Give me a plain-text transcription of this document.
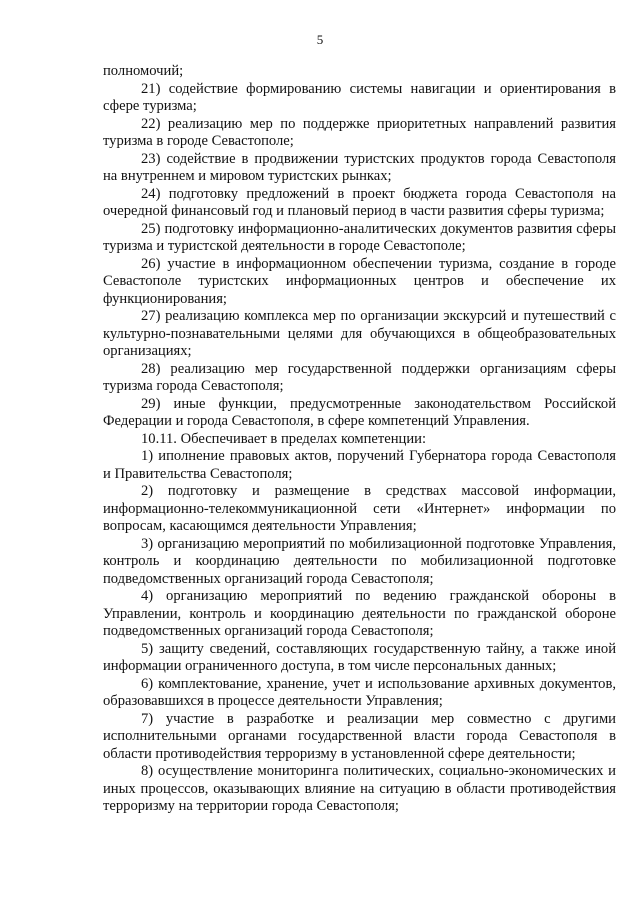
5

полномочий;

21) содействие формированию системы навигации и ориентирования в сфере туризма;

22) реализацию мер по поддержке приоритетных направлений развития туризма в городе Севастополе;

23) содействие в продвижении туристских продуктов города Севастополя на внутреннем и мировом туристских рынках;

24) подготовку предложений в проект бюджета города Севастополя на очередной финансовый год и плановый период в части развития сферы туризма;

25) подготовку информационно-аналитических документов развития сферы туризма и туристской деятельности в городе Севастополе;

26) участие в информационном обеспечении туризма, создание в городе Севастополе туристских информационных центров и обеспечение их функционирования;

27) реализацию комплекса мер по организации экскурсий и путешествий с культурно-познавательными целями для обучающихся в общеобразовательных организациях;

28) реализацию мер государственной поддержки организациям сферы туризма города Севастополя;

29) иные функции, предусмотренные законодательством Российской Федерации и города Севастополя, в сфере компетенций Управления.

10.11. Обеспечивает в пределах компетенции:

1) иполнение правовых актов, поручений Губернатора города Севастополя и Правительства Севастополя;

2) подготовку и размещение в средствах массовой информации, информационно-телекоммуникационной сети «Интернет» информации по вопросам, касающимся деятельности Управления;

3) организацию мероприятий по мобилизационной подготовке Управления, контроль и координацию деятельности по мобилизационной подготовке подведомственных организаций города Севастополя;

4) организацию мероприятий по ведению гражданской обороны в Управлении, контроль и координацию деятельности по гражданской обороне подведомственных организаций города Севастополя;

5) защиту сведений, составляющих государственную тайну, а также иной информации ограниченного доступа, в том числе персональных данных;

6) комплектование, хранение, учет и использование архивных документов, образовавшихся в процессе деятельности Управления;

7) участие в разработке и реализации мер совместно с другими исполнительными органами государственной власти города Севастополя в области противодействия терроризму в установленной сфере деятельности;

8) осуществление мониторинга политических, социально-экономических и иных процессов, оказывающих влияние на ситуацию в области противодействия терроризму на территории города Севастополя;
